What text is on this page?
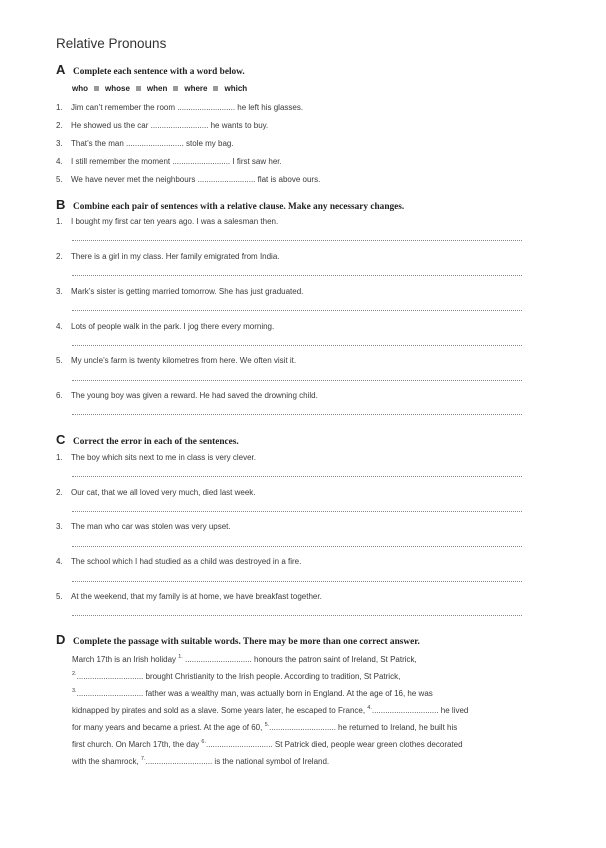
Relative Pronouns
A Complete each sentence with a word below.
who whose when where which
1. Jim can’t remember the room .......................... he left his glasses.
2. He showed us the car .......................... he wants to buy.
3. That’s the man .......................... stole my bag.
4. I still remember the moment .......................... I first saw her.
5. We have never met the neighbours .......................... flat is above ours.
B Combine each pair of sentences with a relative clause. Make any necessary changes.
1. I bought my first car ten years ago. I was a salesman then.
2. There is a girl in my class. Her family emigrated from India.
3. Mark’s sister is getting married tomorrow. She has just graduated.
4. Lots of people walk in the park. I jog there every morning.
5. My uncle’s farm is twenty kilometres from here. We often visit it.
6. The young boy was given a reward. He had saved the drowning child.
C Correct the error in each of the sentences.
1. The boy which sits next to me in class is very clever.
2. Our cat, that we all loved very much, died last week.
3. The man who car was stolen was very upset.
4. The school which I had studied as a child was destroyed in a fire.
5. At the weekend, that my family is at home, we have breakfast together.
D Complete the passage with suitable words. There may be more than one correct answer.
March 17th is an Irish holiday $^{1.}$ .............................. honours the patron saint of Ireland, St Patrick,
$^{2.}$.............................. brought Christianity to the Irish people. According to tradition, St Patrick,
$^{3.}$.............................. father was a wealthy man, was actually born in England. At the age of 16, he was
kidnapped by pirates and sold as a slave. Some years later, he escaped to France, $^{4.}$.............................. he lived
for many years and became a priest. At the age of 60, $^{5.}$.............................. he returned to Ireland, he built his
first church. On March 17th, the day $^{6.}$.............................. St Patrick died, people wear green clothes decorated
with the shamrock, $^{7.}$.............................. is the national symbol of Ireland.
